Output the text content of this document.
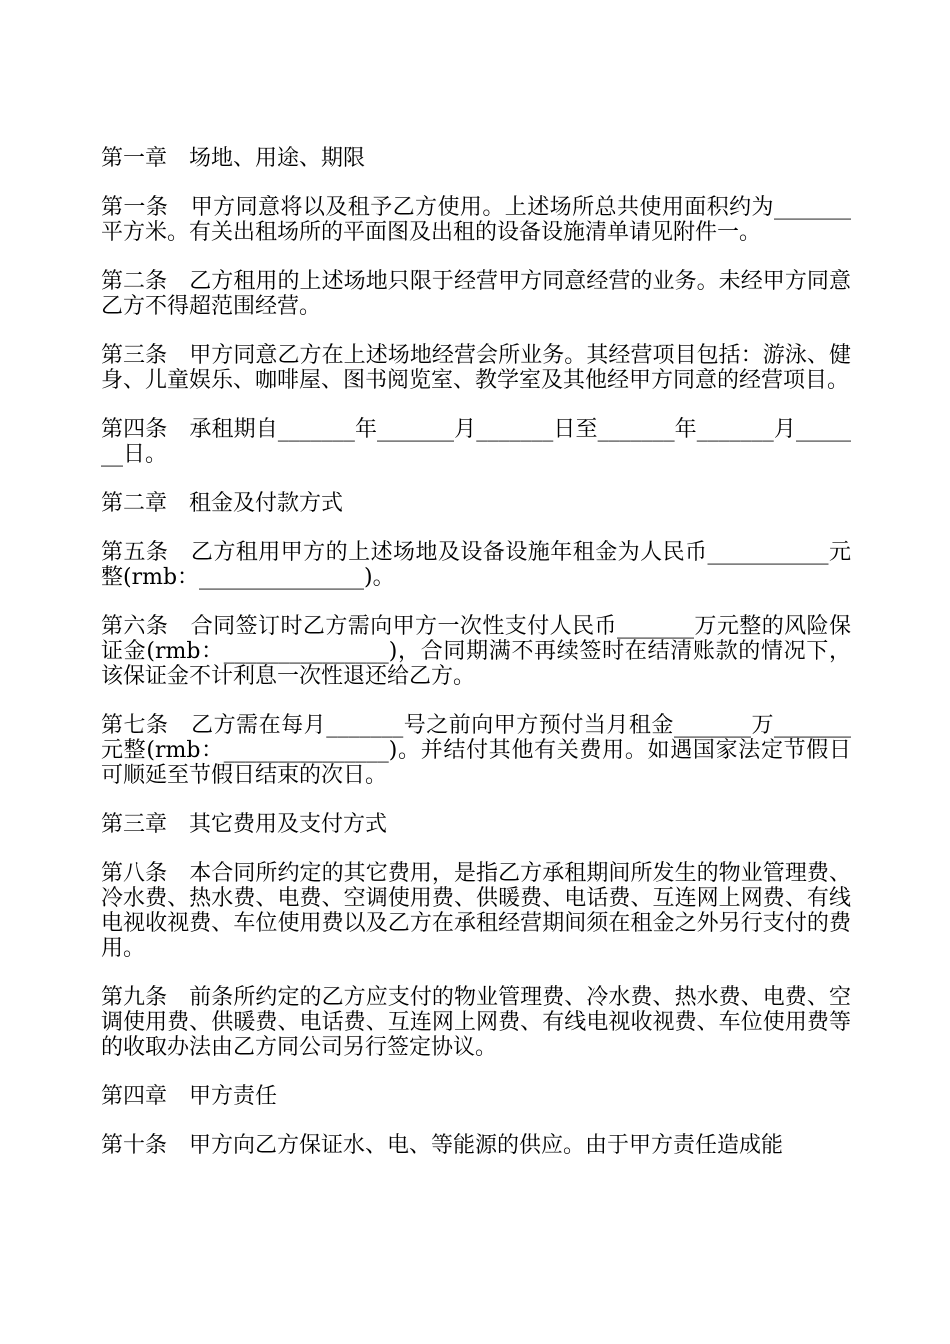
第一章　场地、用途、期限

第一条　甲方同意将以及租予乙方使用。上述场所总共使用面积约为_______平方米。有关出租场所的平面图及出租的设备设施清单请见附件一。

第二条　乙方租用的上述场地只限于经营甲方同意经营的业务。未经甲方同意乙方不得超范围经营。

第三条　甲方同意乙方在上述场地经营会所业务。其经营项目包括：游泳、健身、儿童娱乐、咖啡屋、图书阅览室、教学室及其他经甲方同意的经营项目。

第四条　承租期自_______年_______月_______日至_______年_______月_______日。

第二章　租金及付款方式

第五条　乙方租用甲方的上述场地及设备设施年租金为人民币___________元整(rmb：_______________)。

第六条　合同签订时乙方需向甲方一次性支付人民币_______万元整的风险保证金(rmb：_______________)，合同期满不再续签时在结清账款的情况下，该保证金不计利息一次性退还给乙方。

第七条　乙方需在每月_______号之前向甲方预付当月租金_______万_______元整(rmb：_______________)。并结付其他有关费用。如遇国家法定节假日可顺延至节假日结束的次日。

第三章　其它费用及支付方式

第八条　本合同所约定的其它费用，是指乙方承租期间所发生的物业管理费、冷水费、热水费、电费、空调使用费、供暖费、电话费、互连网上网费、有线电视收视费、车位使用费以及乙方在承租经营期间须在租金之外另行支付的费用。

第九条　前条所约定的乙方应支付的物业管理费、冷水费、热水费、电费、空调使用费、供暖费、电话费、互连网上网费、有线电视收视费、车位使用费等的收取办法由乙方同公司另行签定协议。

第四章　甲方责任

第十条　甲方向乙方保证水、电、等能源的供应。由于甲方责任造成能
